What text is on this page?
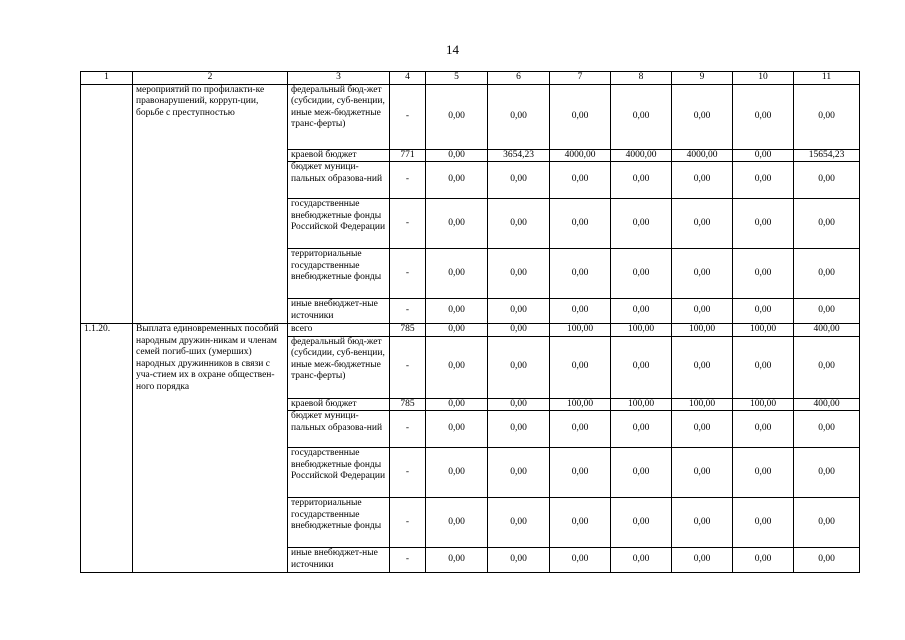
14
1	2	3	4	5	6	7	8	9	10	11
	мероприятий по профилакти-ке правонарушений, корруп-ции, борьбе с преступностью	федеральный бюд-жет (субсидии, суб-венции, иные меж-бюджетные транс-ферты)	-	0,00	0,00	0,00	0,00	0,00	0,00	0,00
		краевой бюджет	771	0,00	3654,23	4000,00	4000,00	4000,00	0,00	15654,23
		бюджет муници-пальных образова-ний	-	0,00	0,00	0,00	0,00	0,00	0,00	0,00
		государственные внебюджетные фонды Российской Федерации	-	0,00	0,00	0,00	0,00	0,00	0,00	0,00
		территориальные государственные внебюджетные фонды	-	0,00	0,00	0,00	0,00	0,00	0,00	0,00
		иные внебюджет-ные источники	-	0,00	0,00	0,00	0,00	0,00	0,00	0,00
1.1.20.	Выплата единовременных пособий народным дружин-никам и членам семей погиб-ших (умерших) народных дружинников в связи с уча-стием их в охране обществен-ного порядка	всего	785	0,00	0,00	100,00	100,00	100,00	100,00	400,00
		федеральный бюд-жет (субсидии, суб-венции, иные меж-бюджетные транс-ферты)	-	0,00	0,00	0,00	0,00	0,00	0,00	0,00
		краевой бюджет	785	0,00	0,00	100,00	100,00	100,00	100,00	400,00
		бюджет муници-пальных образова-ний	-	0,00	0,00	0,00	0,00	0,00	0,00	0,00
		государственные внебюджетные фонды Российской Федерации	-	0,00	0,00	0,00	0,00	0,00	0,00	0,00
		территориальные государственные внебюджетные фонды	-	0,00	0,00	0,00	0,00	0,00	0,00	0,00
		иные внебюджет-ные источники	-	0,00	0,00	0,00	0,00	0,00	0,00	0,00
